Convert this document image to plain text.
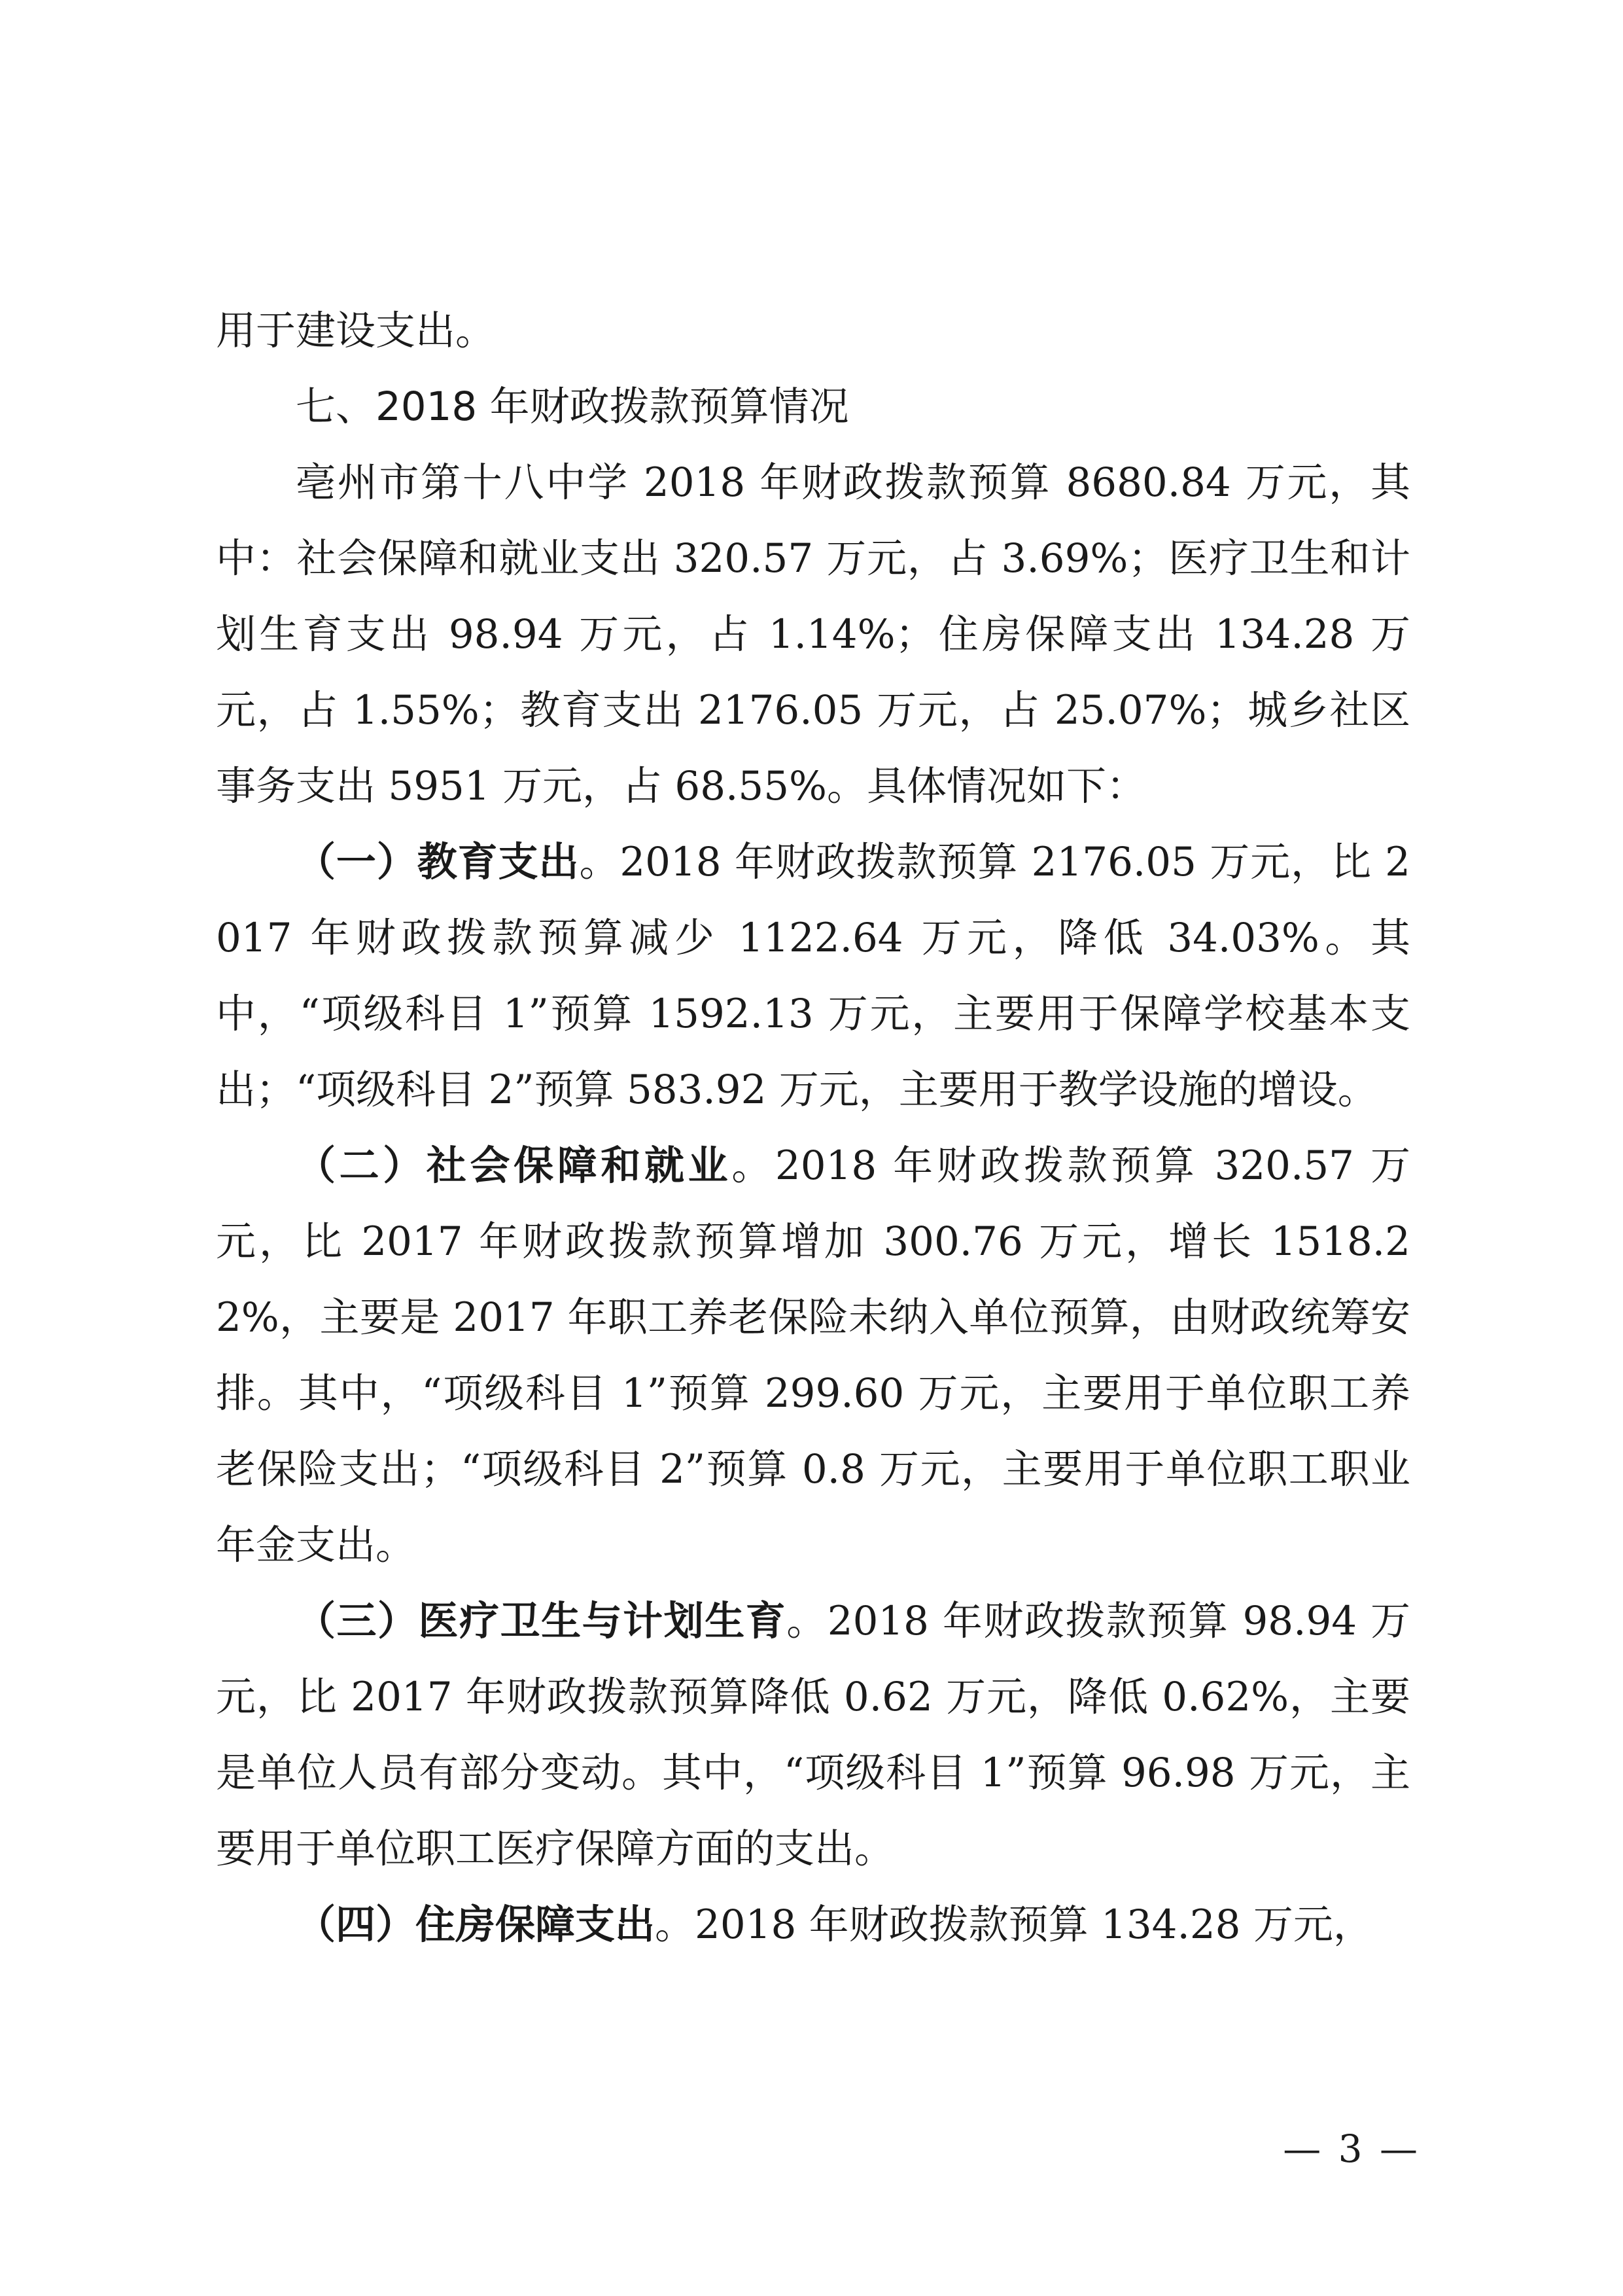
用于建设支出。

七、2018 年财政拨款预算情况

亳州市第十八中学 2018 年财政拨款预算 8680.84 万元，其中：社会保障和就业支出 320.57 万元，占 3.69%；医疗卫生和计划生育支出 98.94 万元，占 1.14%；住房保障支出 134.28 万元，占 1.55%；教育支出 2176.05 万元，占 25.07%；城乡社区事务支出 5951 万元，占 68.55%。具体情况如下：

（一）教育支出。2018 年财政拨款预算 2176.05 万元，比 2017 年财政拨款预算减少 1122.64 万元，降低 34.03%。其中，“项级科目 1”预算 1592.13 万元，主要用于保障学校基本支出；“项级科目 2”预算 583.92 万元，主要用于教学设施的增设。

（二）社会保障和就业。2018 年财政拨款预算 320.57 万元，比 2017 年财政拨款预算增加 300.76 万元，增长 1518.22%，主要是 2017 年职工养老保险未纳入单位预算，由财政统筹安排。其中，“项级科目 1”预算 299.60 万元，主要用于单位职工养老保险支出；“项级科目 2”预算 0.8 万元，主要用于单位职工职业年金支出。

（三）医疗卫生与计划生育。2018 年财政拨款预算 98.94 万元，比 2017 年财政拨款预算降低 0.62 万元，降低 0.62%，主要是单位人员有部分变动。其中，“项级科目 1”预算 96.98 万元，主要用于单位职工医疗保障方面的支出。

（四）住房保障支出。2018 年财政拨款预算 134.28 万元，

— 3 —
